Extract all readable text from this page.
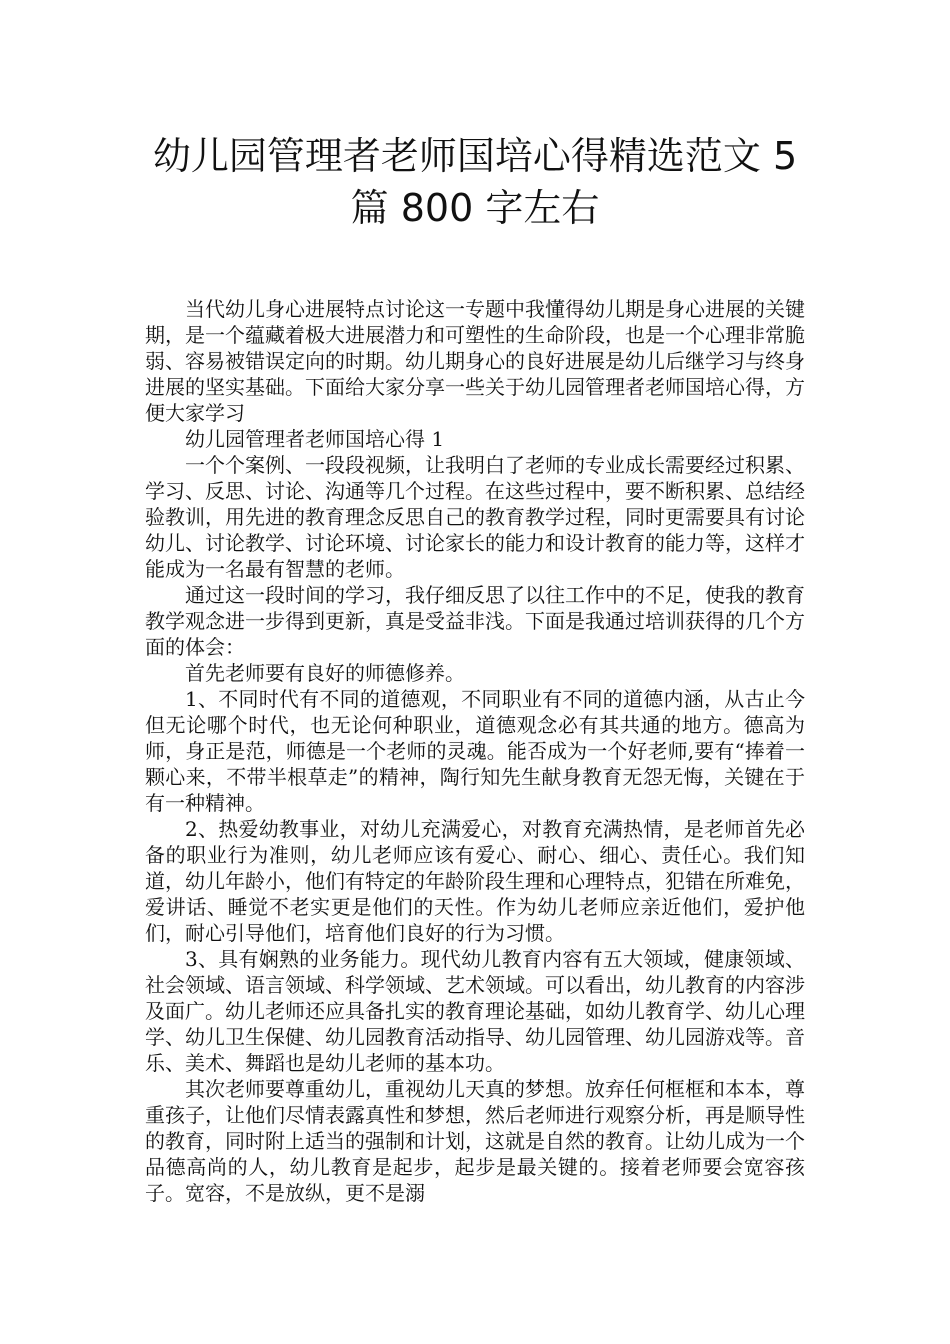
幼儿园管理者老师国培心得精选范文 5
篇 800 字左右

当代幼儿身心进展特点讨论这一专题中我懂得幼儿期是身心进展的关键期，是一个蕴藏着极大进展潜力和可塑性的生命阶段，也是一个心理非常脆弱、容易被错误定向的时期。幼儿期身心的良好进展是幼儿后继学习与终身进展的坚实基础。下面给大家分享一些关于幼儿园管理者老师国培心得，方便大家学习

幼儿园管理者老师国培心得 1

一个个案例、一段段视频，让我明白了老师的专业成长需要经过积累、学习、反思、讨论、沟通等几个过程。在这些过程中，要不断积累、总结经验教训，用先进的教育理念反思自己的教育教学过程，同时更需要具有讨论幼儿、讨论教学、讨论环境、讨论家长的能力和设计教育的能力等，这样才能成为一名最有智慧的老师。

通过这一段时间的学习，我仔细反思了以往工作中的不足，使我的教育教学观念进一步得到更新，真是受益非浅。下面是我通过培训获得的几个方面的体会：

首先老师要有良好的师德修养。

1、不同时代有不同的道德观，不同职业有不同的道德内涵，从古止今但无论哪个时代，也无论何种职业，道德观念必有其共通的地方。德高为师，身正是范，师德是一个老师的灵魂。能否成为一个好老师,要有“捧着一颗心来，不带半根草走”的精神，陶行知先生献身教育无怨无悔，关键在于有一种精神。

2、热爱幼教事业，对幼儿充满爱心，对教育充满热情，是老师首先必备的职业行为准则，幼儿老师应该有爱心、耐心、细心、责任心。我们知道，幼儿年龄小，他们有特定的年龄阶段生理和心理特点，犯错在所难免，爱讲话、睡觉不老实更是他们的天性。作为幼儿老师应亲近他们，爱护他们，耐心引导他们，培育他们良好的行为习惯。

3、具有娴熟的业务能力。现代幼儿教育内容有五大领域，健康领域、社会领域、语言领域、科学领域、艺术领域。可以看出，幼儿教育的内容涉及面广。幼儿老师还应具备扎实的教育理论基础，如幼儿教育学、幼儿心理学、幼儿卫生保健、幼儿园教育活动指导、幼儿园管理、幼儿园游戏等。音乐、美术、舞蹈也是幼儿老师的基本功。

其次老师要尊重幼儿，重视幼儿天真的梦想。放弃任何框框和本本，尊重孩子，让他们尽情表露真性和梦想，然后老师进行观察分析，再是顺导性的教育，同时附上适当的强制和计划，这就是自然的教育。让幼儿成为一个品德高尚的人，幼儿教育是起步，起步是最关键的。接着老师要会宽容孩子。宽容，不是放纵，更不是溺
